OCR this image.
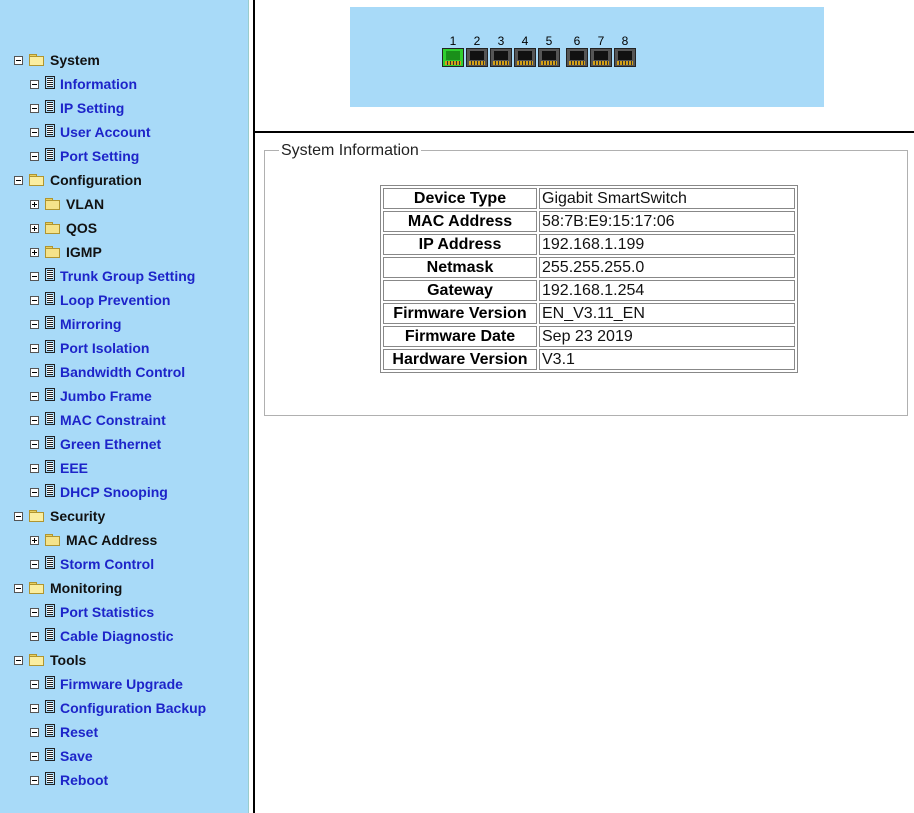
System
Information
IP Setting
User Account
Port Setting
Configuration
VLAN
QOS
IGMP
Trunk Group Setting
Loop Prevention
Mirroring
Port Isolation
Bandwidth Control
Jumbo Frame
MAC Constraint
Green Ethernet
EEE
DHCP Snooping
Security
MAC Address
Storm Control
Monitoring
Port Statistics
Cable Diagnostic
Tools
Firmware Upgrade
Configuration Backup
Reset
Save
Reboot
1	2	3	4	5	6	7	8
System Information
Device Type	Gigabit SmartSwitch
MAC Address	58:7B:E9:15:17:06
IP Address	192.168.1.199
Netmask	255.255.255.0
Gateway	192.168.1.254
Firmware Version	EN_V3.11_EN
Firmware Date	Sep 23 2019
Hardware Version	V3.1
